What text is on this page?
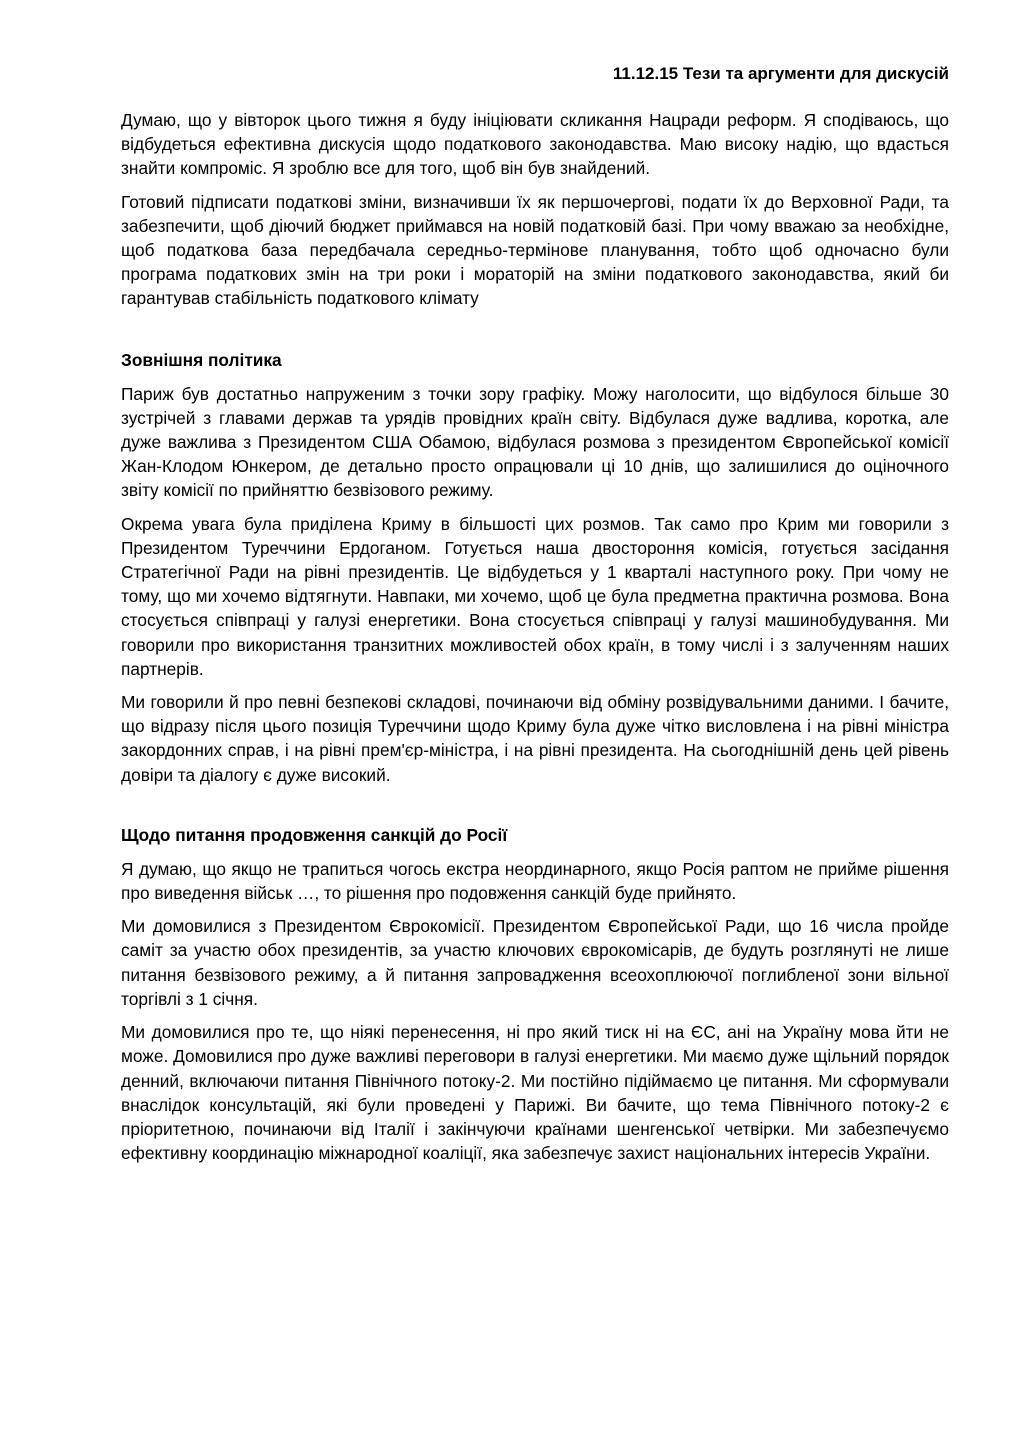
11.12.15 Тези та аргументи для дискусій

Думаю, що у вівторок цього тижня я буду ініціювати скликання Нацради реформ. Я сподіваюсь, що відбудеться ефективна дискусія щодо податкового законодавства. Маю високу надію, що вдасться знайти компроміс. Я зроблю все для того, щоб він був знайдений.

Готовий підписати податкові зміни, визначивши їх як першочергові, подати їх до Верховної Ради, та забезпечити, щоб діючий бюджет приймався на новій податковій базі. При чому вважаю за необхідне, щоб податкова база передбачала середньо-термінове планування, тобто щоб одночасно були програма податкових змін на три роки і мораторій на зміни податкового законодавства, який би гарантував стабільність податкового клімату

Зовнішня політика

Париж був достатньо напруженим з точки зору графіку. Можу наголосити, що відбулося більше 30 зустрічей з главами держав та урядів провідних країн світу. Відбулася дуже вадлива, коротка, але дуже важлива з Президентом США Обамою, відбулася розмова з президентом Європейської комісії Жан-Клодом Юнкером, де детально просто опрацювали ці 10 днів, що залишилися до оціночного звіту комісії по прийняттю безвізового режиму.

Окрема увага була приділена Криму в більшості цих розмов. Так само про Крим ми говорили з Президентом Туреччини Ердоганом. Готується наша двостороння комісія, готується засідання Стратегічної Ради на рівні президентів. Це відбудеться у 1 кварталі наступного року. При чому не тому, що ми хочемо відтягнути. Навпаки, ми хочемо, щоб це була предметна практична розмова. Вона стосується співпраці у галузі енергетики. Вона стосується співпраці у галузі машинобудування. Ми говорили про використання транзитних можливостей обох країн, в тому числі і з залученням наших партнерів.

Ми говорили й про певні безпекові складові, починаючи від обміну розвідувальними даними. І бачите, що відразу після цього позиція Туреччини щодо Криму була дуже чітко висловлена і на рівні міністра закордонних справ, і на рівні прем'єр-міністра, і на рівні президента. На сьогоднішній день цей рівень довіри та діалогу є дуже високий.

Щодо питання продовження санкцій до Росії

Я думаю, що якщо не трапиться чогось екстра неординарного, якщо Росія раптом не прийме рішення про виведення військ …, то рішення про подовження санкцій буде прийнято.

Ми домовилися з Президентом Єврокомісії. Президентом Європейської Ради, що 16 числа пройде саміт за участю обох президентів, за участю ключових єврокомісарів, де будуть розглянуті не лише питання безвізового режиму, а й питання запровадження всеохоплюючої поглибленої зони вільної торгівлі з 1 січня.

Ми домовилися про те, що ніякі перенесення, ні про який тиск ні на ЄС, ані на Україну мова йти не може. Домовилися про дуже важливі переговори в галузі енергетики. Ми маємо дуже щільний порядок денний, включаючи питання Північного потоку-2. Ми постійно підіймаємо це питання. Ми сформували внаслідок консультацій, які були проведені у Парижі. Ви бачите, що тема Північного потоку-2 є пріоритетною, починаючи від Італії і закінчуючи країнами шенгенської четвірки. Ми забезпечуємо ефективну координацію міжнародної коаліції, яка забезпечує захист національних інтересів України.
